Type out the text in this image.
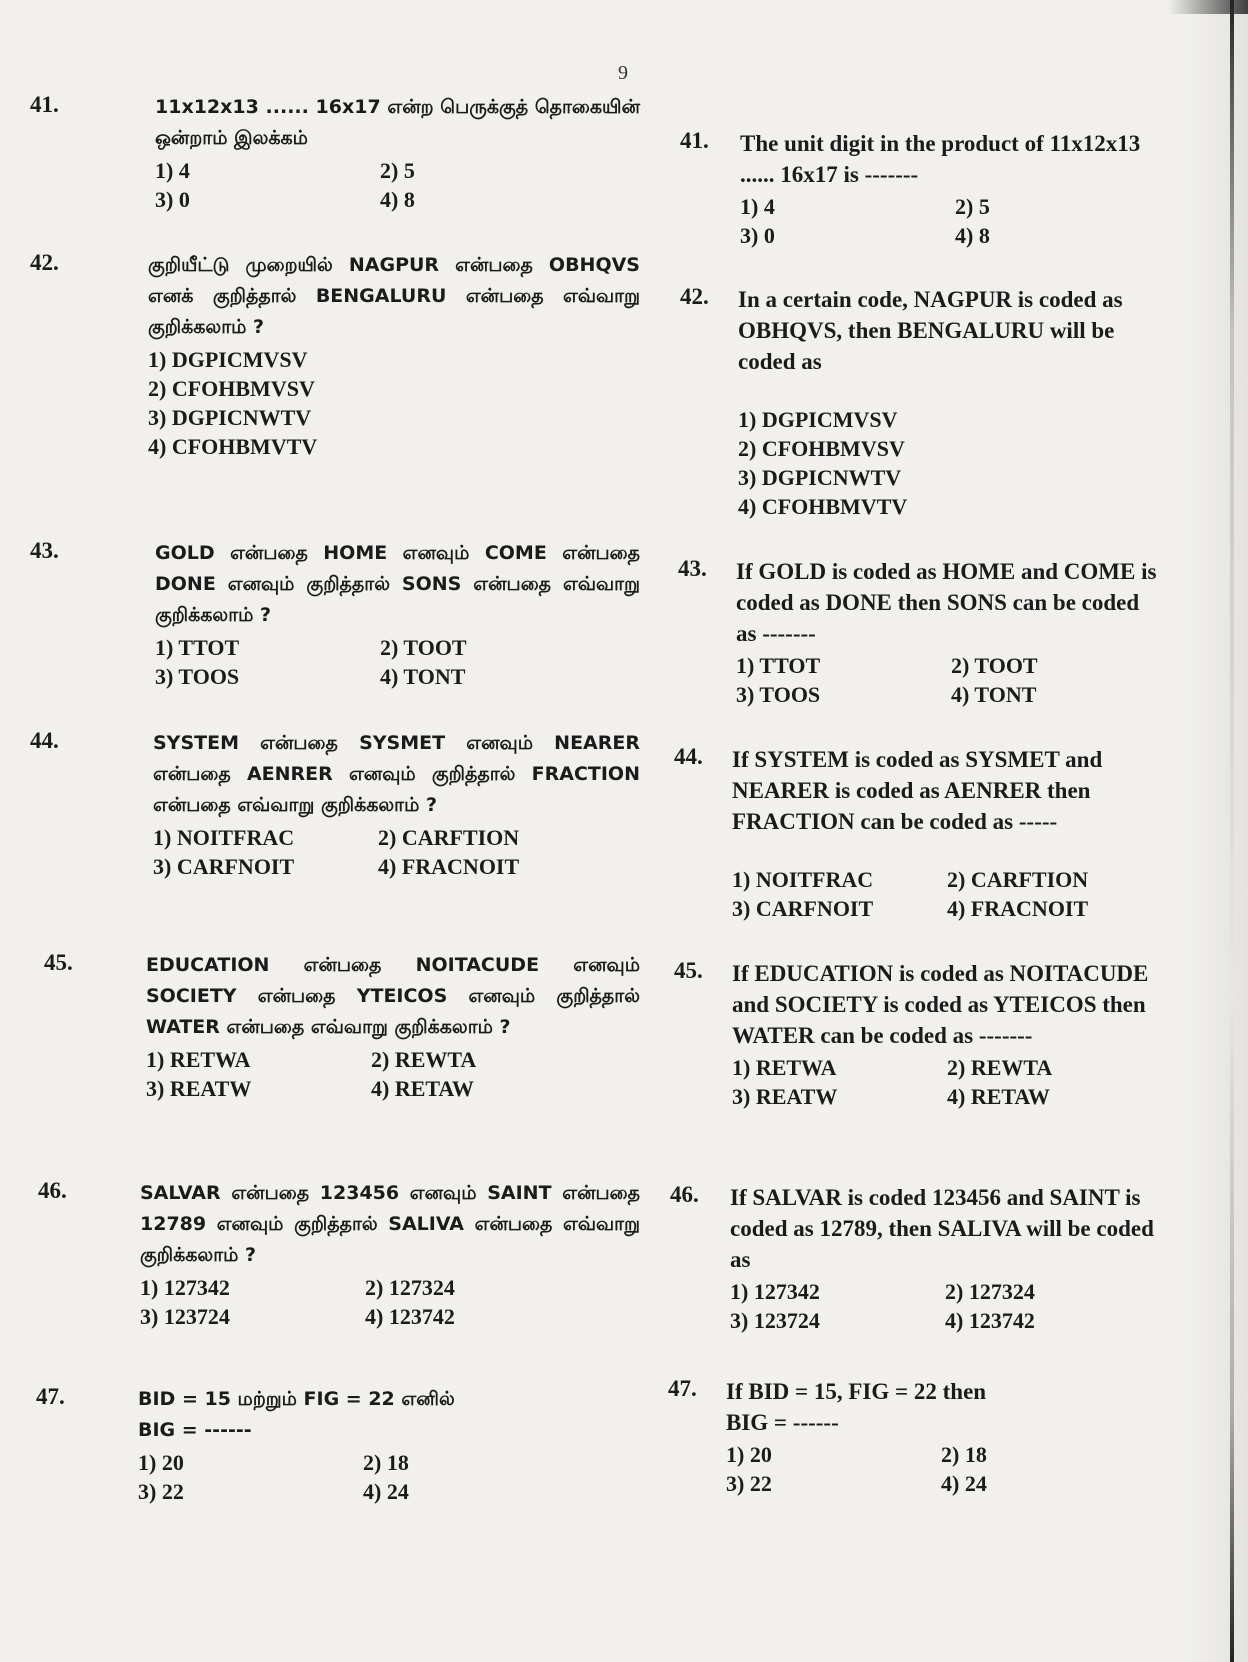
9
41.	11x12x13 ...... 16x17 என்ற பெருக்குத் தொகையின் ஒன்றாம் இலக்கம்

1) 4	2) 5
3) 0	4) 8
42.	குறியீட்டு முறையில் NAGPUR என்பதை OBHQVS எனக் குறித்தால் BENGALURU என்பதை எவ்வாறு குறிக்கலாம் ?

1) DGPICMVSV
2) CFOHBMVSV
3) DGPICNWTV
4) CFOHBMVTV
43.	GOLD என்பதை HOME எனவும் COME என்பதை DONE எனவும் குறித்தால் SONS என்பதை எவ்வாறு குறிக்கலாம் ?

1) TTOT	2) TOOT
3) TOOS	4) TONT
44.	SYSTEM என்பதை SYSMET எனவும் NEARER என்பதை AENRER எனவும் குறித்தால் FRACTION என்பதை எவ்வாறு குறிக்கலாம் ?

1) NOITFRAC	2) CARFTION
3) CARFNOIT	4) FRACNOIT
45.	EDUCATION என்பதை NOITACUDE எனவும் SOCIETY என்பதை YTEICOS எனவும் குறித்தால் WATER என்பதை எவ்வாறு குறிக்கலாம் ?

1) RETWA	2) REWTA
3) REATW	4) RETAW
46.	SALVAR என்பதை 123456 எனவும் SAINT என்பதை 12789 எனவும் குறித்தால் SALIVA என்பதை எவ்வாறு குறிக்கலாம் ?

1) 127342	2) 127324
3) 123724	4) 123742
47.	BID = 15 மற்றும் FIG = 22 எனில் BIG = ------

1) 20	2) 18
3) 22	4) 24
41. The unit digit in the product of 11x12x13 ...... 16x17 is -------

1) 4	2) 5
3) 0	4) 8
42. In a certain code, NAGPUR is coded as OBHQVS, then BENGALURU will be coded as

1) DGPICMVSV
2) CFOHBMVSV
3) DGPICNWTV
4) CFOHBMVTV
43. If GOLD is coded as HOME and COME is coded as DONE then SONS can be coded as -------

1) TTOT	2) TOOT
3) TOOS	4) TONT
44. If SYSTEM is coded as SYSMET and NEARER is coded as AENRER then FRACTION can be coded as -----

1) NOITFRAC	2) CARFTION
3) CARFNOIT	4) FRACNOIT
45. If EDUCATION is coded as NOITACUDE and SOCIETY is coded as YTEICOS then WATER can be coded as -------

1) RETWA	2) REWTA
3) REATW	4) RETAW
46. If SALVAR is coded 123456 and SAINT is coded as 12789, then SALIVA will be coded as

1) 127342	2) 127324
3) 123724	4) 123742
47. If BID = 15, FIG = 22 then BIG = ------

1) 20	2) 18
3) 22	4) 24
